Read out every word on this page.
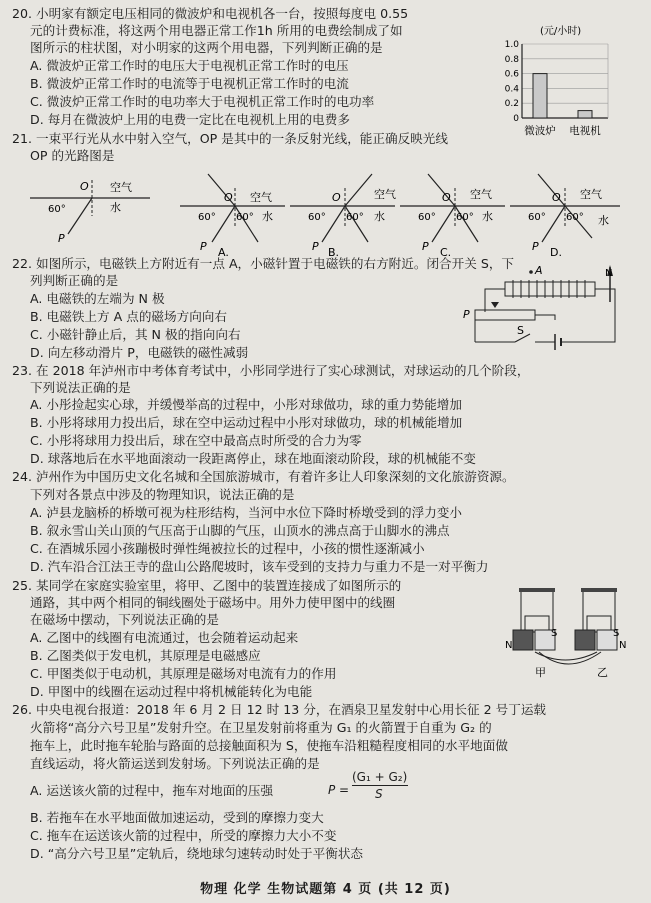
20. 小明家有额定电压相同的微波炉和电视机各一台，按照每度电 0.55
元的计费标准，将这两个用电器正常工作1h 所用的电费绘制成了如
图所示的柱状图，对小明家的这两个用电器，下列判断正确的是
A. 微波炉正常工作时的电压大于电视机正常工作时的电压
B. 微波炉正常工作时的电流等于电视机正常工作时的电流
C. 微波炉正常工作时的电功率大于电视机正常工作时的电功率
D. 每月在微波炉上用的电费一定比在电视机上用的电费多
(元/小时)
1.0
0.8
0.6
0.4
0.2
0
微波炉 电视机
21. 一束平行光从水中射入空气，OP 是其中的一条反射光线，能正确反映光线
OP 的光路图是
O 空气
水
60°
P
O 空气
水
60° 60°
P A.
O	空气
水
60° 60°
P B.
O 空气
水
60° 60°
P C.
O 空气
水
60° 60°
P D.
22. 如图所示，电磁铁上方附近有一点 A，小磁针置于电磁铁的右方附近。闭合开关 S，下
列判断正确的是
A. 电磁铁的左端为 N 极
B. 电磁铁上方 A 点的磁场方向向右
C. 小磁针静止后，其 N 极的指向向右
D. 向左移动滑片 P，电磁铁的磁性减弱
A	N
P
S
23. 在 2018 年泸州市中考体育考试中，小彤同学进行了实心球测试，对球运动的几个阶段，
下列说法正确的是
A. 小彤捡起实心球，并缓慢举高的过程中，小彤对球做功，球的重力势能增加
B. 小彤将球用力投出后，球在空中运动过程中小彤对球做功，球的机械能增加
C. 小彤将球用力投出后，球在空中最高点时所受的合力为零
D. 球落地后在水平地面滚动一段距离停止，球在地面滚动阶段，球的机械能不变
24. 泸州作为中国历史文化名城和全国旅游城市，有着许多让人印象深刻的文化旅游资源。
下列对各景点中涉及的物理知识，说法正确的是
A. 泸县龙脑桥的桥墩可视为柱形结构，当河中水位下降时桥墩受到的浮力变小
B. 叙永雪山关山顶的气压高于山脚的气压，山顶水的沸点高于山脚水的沸点
C. 在酒城乐园小孩蹦极时弹性绳被拉长的过程中，小孩的惯性逐渐减小
D. 汽车沿合江法王寺的盘山公路爬坡时，该车受到的支持力与重力不是一对平衡力
25. 某同学在家庭实验室里，将甲、乙图中的装置连接成了如图所示的
通路，其中两个相同的铜线圈处于磁场中。用外力使甲图中的线圈
在磁场中摆动，下列说法正确的是
A. 乙图中的线圈有电流通过，也会随着运动起来
B. 乙图类似于发电机，其原理是电磁感应
C. 甲图类似于电动机，其原理是磁场对电流有力的作用
D. 甲图中的线圈在运动过程中将机械能转化为电能
S
N
S
N
甲	乙
26. 中央电视台报道：2018 年 6 月 2 日 12 时 13 分，在酒泉卫星发射中心用长征 2 号丁运载
火箭将“高分六号卫星”发射升空。在卫星发射前将重为 G₁ 的火箭置于自重为 G₂ 的
拖车上，此时拖车轮胎与路面的总接触面积为 S，使拖车沿粗糙程度相同的水平地面做
直线运动，将火箭运送到发射场。下列说法正确的是
A. 运送该火箭的过程中，拖车对地面的压强	P =
(G₁ + G₂)
S
B. 若拖车在水平地面做加速运动，受到的摩擦力变大
C. 拖车在运送该火箭的过程中，所受的摩擦力大小不变
D. “高分六号卫星”定轨后，绕地球匀速转动时处于平衡状态
物理 化学 生物试题第 4 页 (共 12 页)
